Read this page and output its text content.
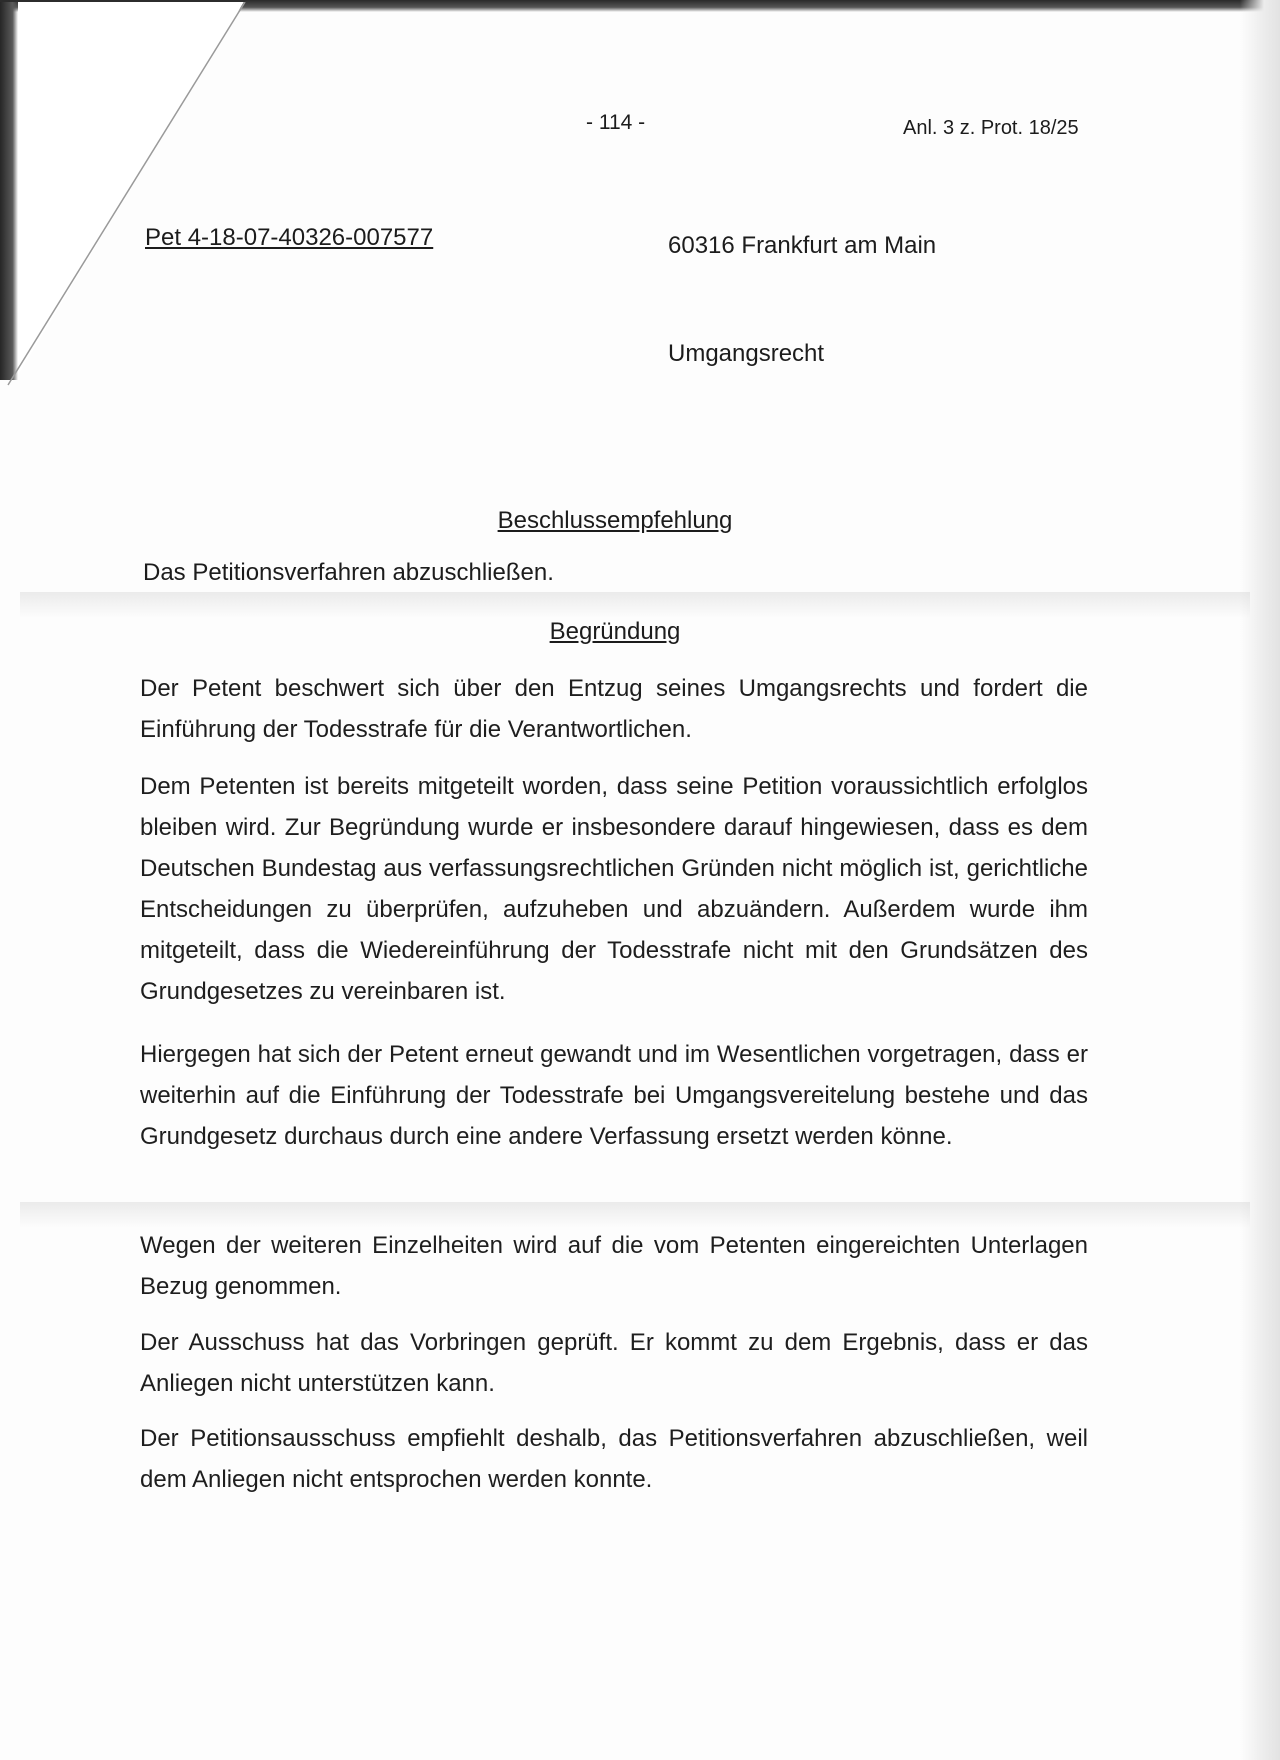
- 114 -	Anl. 3 z. Prot. 18/25
Pet 4-18-07-40326-007577	60316 Frankfurt am Main
Umgangsrecht
Beschlussempfehlung
Das Petitionsverfahren abzuschließen.
Begründung
Der Petent beschwert sich über den Entzug seines Umgangsrechts und fordert die Einführung der Todesstrafe für die Verantwortlichen.
Dem Petenten ist bereits mitgeteilt worden, dass seine Petition voraussichtlich erfolglos bleiben wird. Zur Begründung wurde er insbesondere darauf hingewiesen, dass es dem Deutschen Bundestag aus verfassungsrechtlichen Gründen nicht möglich ist, gerichtliche Entscheidungen zu überprüfen, aufzuheben und abzuändern. Außerdem wurde ihm mitgeteilt, dass die Wiedereinführung der Todesstrafe nicht mit den Grundsätzen des Grundgesetzes zu vereinbaren ist.
Hiergegen hat sich der Petent erneut gewandt und im Wesentlichen vorgetragen, dass er weiterhin auf die Einführung der Todesstrafe bei Umgangsvereitelung bestehe und das Grundgesetz durchaus durch eine andere Verfassung ersetzt werden könne.
Wegen der weiteren Einzelheiten wird auf die vom Petenten eingereichten Unterlagen Bezug genommen.
Der Ausschuss hat das Vorbringen geprüft. Er kommt zu dem Ergebnis, dass er das Anliegen nicht unterstützen kann.
Der Petitionsausschuss empfiehlt deshalb, das Petitionsverfahren abzuschließen, weil dem Anliegen nicht entsprochen werden konnte.
